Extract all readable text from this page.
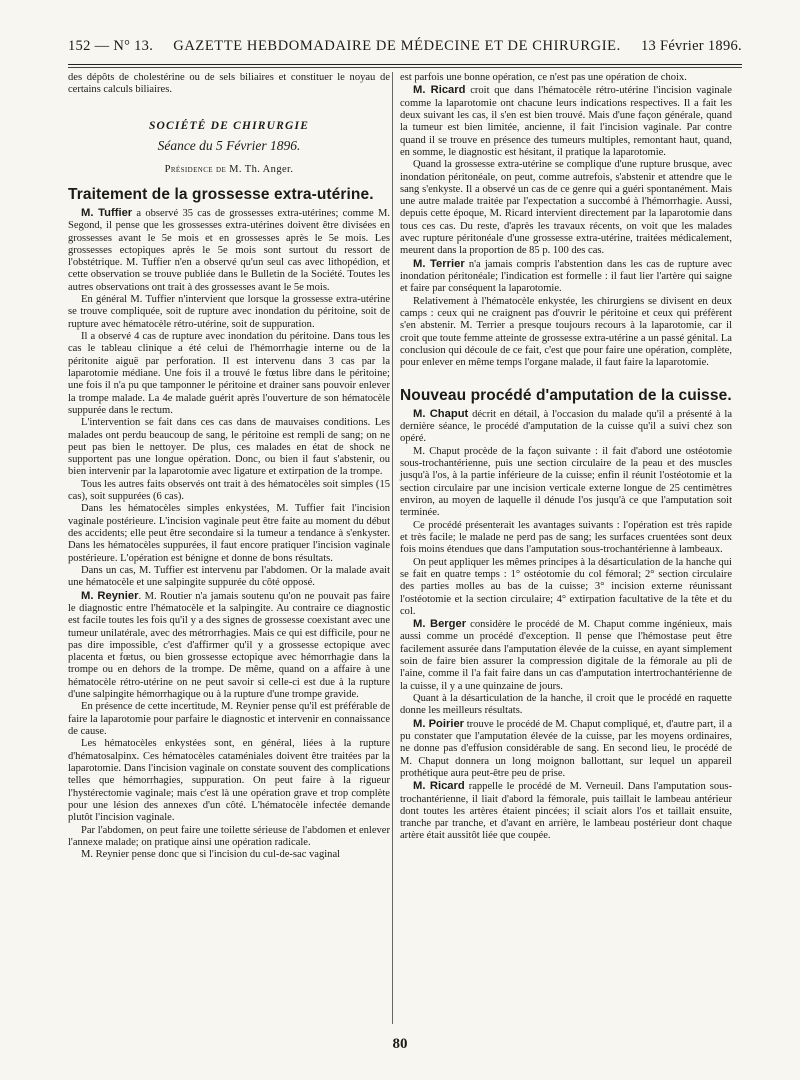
152 — N° 13. GAZETTE HEBDOMADAIRE DE MÉDECINE ET DE CHIRURGIE. 13 Février 1896.

des dépôts de cholestérine ou de sels biliaires et constituer le noyau de certains calculs biliaires.

SOCIÉTÉ DE CHIRURGIE
Séance du 5 Février 1896.
Présidence de M. Th. Anger.
Traitement de la grossesse extra-utérine.

M. Tuffier a observé 35 cas de grossesses extra-utérines; comme M. Segond, il pense que les grossesses extra-utérines doivent être divisées en grossesses avant le 5e mois et en grossesses après le 5e mois. Les grossesses ectopiques après le 5e mois sont surtout du ressort de l'obstétrique. M. Tuffier n'en a observé qu'un seul cas avec lithopédion, et cette observation se trouve publiée dans le Bulletin de la Société. Toutes les autres observations ont trait à des grossesses avant le 5e mois.

En général M. Tuffier n'intervient que lorsque la grossesse extra-utérine se trouve compliquée, soit de rupture avec inondation du péritoine, soit de rupture avec hématocèle rétro-utérine, soit de suppuration.

Il a observé 4 cas de rupture avec inondation du péritoine. Dans tous les cas le tableau clinique a été celui de l'hémorrhagie interne ou de la péritonite aiguë par perforation. Il est intervenu dans 3 cas par la laparotomie médiane. Une fois il a trouvé le fœtus libre dans le péritoine; une fois il n'a pu que tamponner le péritoine et drainer sans pouvoir enlever la trompe malade. La 4e malade guérit après l'ouverture de son hématocèle suppurée dans le rectum.

L'intervention se fait dans ces cas dans de mauvaises conditions. Les malades ont perdu beaucoup de sang, le péritoine est rempli de sang; on ne peut pas bien le nettoyer. De plus, ces malades en état de shock ne supportent pas une longue opération. Donc, ou bien il faut s'abstenir, ou bien intervenir par la laparotomie avec ligature et extirpation de la trompe.

Tous les autres faits observés ont trait à des hématocèles soit simples (15 cas), soit suppurées (6 cas).

Dans les hématocèles simples enkystées, M. Tuffier fait l'incision vaginale postérieure. L'incision vaginale peut être faite au moment du début des accidents; elle peut être secondaire si la tumeur a tendance à s'enkyster. Dans les hématocèles suppurées, il faut encore pratiquer l'incision vaginale postérieure. L'opération est bénigne et donne de bons résultats.

Dans un cas, M. Tuffier est intervenu par l'abdomen. Or la malade avait une hématocèle et une salpingite suppurée du côté opposé.

M. Reynier. M. Routier n'a jamais soutenu qu'on ne pouvait pas faire le diagnostic entre l'hématocèle et la salpingite. Au contraire ce diagnostic est facile toutes les fois qu'il y a des signes de grossesse coexistant avec une tumeur unilatérale, avec des métrorrhagies. Mais ce qui est difficile, pour ne pas dire impossible, c'est d'affirmer qu'il y a grossesse ectopique avec placenta et fœtus, ou bien grossesse ectopique avec hémorrhagie dans la trompe ou en dehors de la trompe. De même, quand on a affaire à une hématocèle rétro-utérine on ne peut savoir si celle-ci est due à la rupture d'une salpingite hémorrhagique ou à la rupture d'une trompe gravide.

En présence de cette incertitude, M. Reynier pense qu'il est préférable de faire la laparotomie pour parfaire le diagnostic et intervenir en connaissance de cause.

Les hématocèles enkystées sont, en général, liées à la rupture d'hématosalpinx. Ces hématocèles cataméniales doivent être traitées par la laparotomie. Dans l'incision vaginale on constate souvent des complications telles que hémorrhagies, suppuration. On peut faire à la rigueur l'hystérectomie vaginale; mais c'est là une opération grave et trop complète pour une lésion des annexes d'un côté. L'hématocèle infectée demande plutôt l'incision vaginale.

Par l'abdomen, on peut faire une toilette sérieuse de l'abdomen et enlever l'annexe malade; on pratique ainsi une opération radicale.

M. Reynier pense donc que si l'incision du cul-de-sac vaginal

est parfois une bonne opération, ce n'est pas une opération de choix.

M. Ricard croit que dans l'hématocèle rétro-utérine l'incision vaginale comme la laparotomie ont chacune leurs indications respectives. Il a fait les deux suivant les cas, il s'en est bien trouvé. Mais d'une façon générale, quand la tumeur est bien limitée, ancienne, il fait l'incision vaginale. Par contre quand il se trouve en présence des tumeurs multiples, remontant haut, quand, en somme, le diagnostic est hésitant, il pratique la laparotomie.

Quand la grossesse extra-utérine se complique d'une rupture brusque, avec inondation péritonéale, on peut, comme autrefois, s'abstenir et attendre que le sang s'enkyste. Il a observé un cas de ce genre qui a guéri spontanément. Mais une autre malade traitée par l'expectation a succombé à l'hémorrhagie. Aussi, depuis cette époque, M. Ricard intervient directement par la laparotomie dans tous ces cas. Du reste, d'après les travaux récents, on voit que les malades avec rupture péritonéale d'une grossesse extra-utérine, traitées médicalement, meurent dans la proportion de 85 p. 100 des cas.

M. Terrier n'a jamais compris l'abstention dans les cas de rupture avec inondation péritonéale; l'indication est formelle : il faut lier l'artère qui saigne et faire par conséquent la laparotomie.

Relativement à l'hématocèle enkystée, les chirurgiens se divisent en deux camps : ceux qui ne craignent pas d'ouvrir le péritoine et ceux qui préfèrent s'en abstenir. M. Terrier a presque toujours recours à la laparotomie, car il croit que toute femme atteinte de grossesse extra-utérine a un passé génital. La conclusion qui découle de ce fait, c'est que pour faire une opération, complète, pour enlever en même temps l'organe malade, il faut faire la laparotomie.

Nouveau procédé d'amputation de la cuisse.

M. Chaput décrit en détail, à l'occasion du malade qu'il a présenté à la dernière séance, le procédé d'amputation de la cuisse qu'il a suivi chez son opéré.

M. Chaput procède de la façon suivante : il fait d'abord une ostéotomie sous-trochantérienne, puis une section circulaire de la peau et des muscles jusqu'à l'os, à la partie inférieure de la cuisse; enfin il réunit l'ostéotomie et la section circulaire par une incision verticale externe longue de 25 centimètres environ, au moyen de laquelle il dénude l'os jusqu'à ce que l'amputation soit terminée.

Ce procédé présenterait les avantages suivants : l'opération est très rapide et très facile; le malade ne perd pas de sang; les surfaces cruentées sont deux fois moins étendues que dans l'amputation sous-trochantérienne à lambeaux.

On peut appliquer les mêmes principes à la désarticulation de la hanche qui se fait en quatre temps : 1° ostéotomie du col fémoral; 2° section circulaire des parties molles au bas de la cuisse; 3° incision externe réunissant l'ostéotomie et la section circulaire; 4° extirpation facultative de la tête et du col.

M. Berger considère le procédé de M. Chaput comme ingénieux, mais aussi comme un procédé d'exception. Il pense que l'hémostase peut être facilement assurée dans l'amputation élevée de la cuisse, en ayant simplement soin de faire bien assurer la compression digitale de la fémorale au pli de l'aine, comme il l'a fait faire dans un cas d'amputation intertrochantérienne de la cuisse, il y a une quinzaine de jours.

Quant à la désarticulation de la hanche, il croit que le procédé en raquette donne les meilleurs résultats.

M. Poirier trouve le procédé de M. Chaput compliqué, et, d'autre part, il a pu constater que l'amputation élevée de la cuisse, par les moyens ordinaires, ne donne pas d'effusion considérable de sang. En second lieu, le procédé de M. Chaput donnera un long moignon ballottant, sur lequel un appareil prothétique aura peut-être peu de prise.

M. Ricard rappelle le procédé de M. Verneuil. Dans l'amputation sous-trochantérienne, il liait d'abord la fémorale, puis taillait le lambeau antérieur dont toutes les artères étaient pincées; il sciait alors l'os et taillait ensuite, tranche par tranche, et d'avant en arrière, le lambeau postérieur dont chaque artère était aussitôt liée que coupée.

80
